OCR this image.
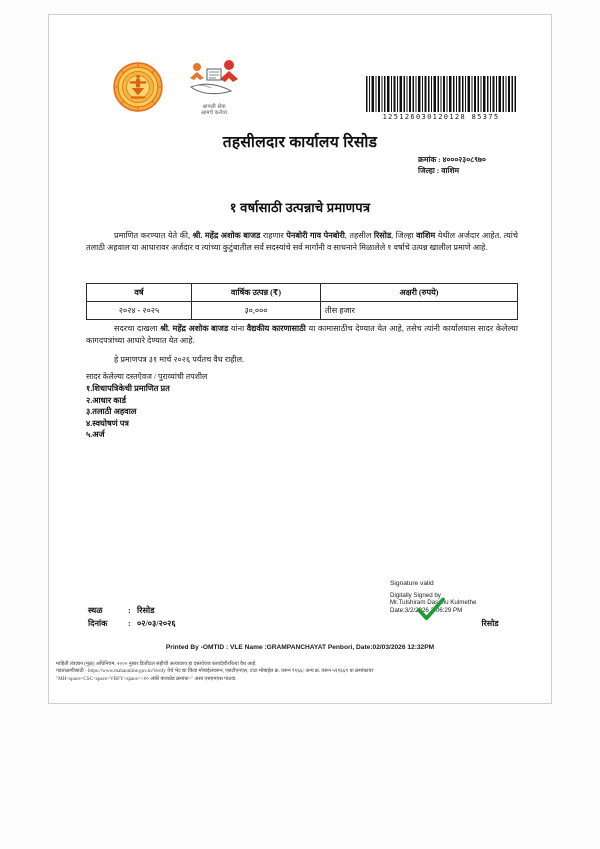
आपली सेवा
आमचे कर्तव्य	125126030120128 85375
तहसीलदार कार्यालय रिसोड
क्रमांक : ४०००२३०८९७०
जिल्हा : वाशिम
१ वर्षासाठी उत्पन्नाचे प्रमाणपत्र
प्रमाणित करण्यात येते की, श्री. महेंद्र अशोक बाजड राहणार पेनबोरी गाव पेनबोरी, तहसील रिसोड, जिल्हा वाशिम येथील अर्जदार आहेत. त्यांचे तलाठी अहवाल या आधारावर अर्जदार व त्यांच्या कुटुंबातील सर्व सदस्यांचे सर्व मार्गांनी व साधनाने मिळालेले १ वर्षाचे उत्पन्न खालील प्रमाणे आहे.
वर्ष	वार्षिक उत्पन्न (₹)	अक्षरी (रुपये)
२०२४ - २०२५	३०,०००	तीस हजार
सदरचा दाखला श्री. महेंद्र अशोक बाजड यांना वैद्यकीय कारणासाठी या कामासाठीच देण्यात येत आहे, तसेच त्यांनी कार्यालयास सादर केलेल्या कागदपत्रांच्या आधारे देण्यात येत आहे.
हे प्रमाणपत्र ३१ मार्च २०२६ पर्यंतच वैध राहील.
सादर केलेल्या दस्तऐवज / पुराव्यांची तपशील
१.शिधापत्रिकेची प्रमाणित प्रत
२.आधार कार्ड
३.तलाठी अहवाल
४.स्वघोषणं पत्र
५.अर्ज
Signature valid
Digitally Signed by
Mr.Tulshiram Dasanu Kulmethe
Date:3/2/2026 3:06:29 PM
रिसोड
स्थळ	: रिसोड
दिनांक	: ०२/०३/२०२६
Printed By -OMTID : VLE Name :GRAMPANCHAYAT Penbori, Date:02/03/2026 12:32PM
माहिती तंत्रज्ञान (मूळ) अधिनियम, २००० नुसार डिजीटल सहीची अत्यावश्य हा दस्तऐवज कायदेशीररित्या वैध आहे.
पडताळणीसाठी - https://www.mahaonline.gov.in/Verify येथे भेट द्या किंवा मोबाईलवरून, एसटीएनएल, टाटा मोबाईल क्र. वरून ९१६६/ अन्य क्र. वरून ५११६६९ या क्रमांकावर
"MH<space>CSC<space>VRFY<space><२० अंकी बारकोड क्रमांक>" असा एसएमएस पाठवा.
